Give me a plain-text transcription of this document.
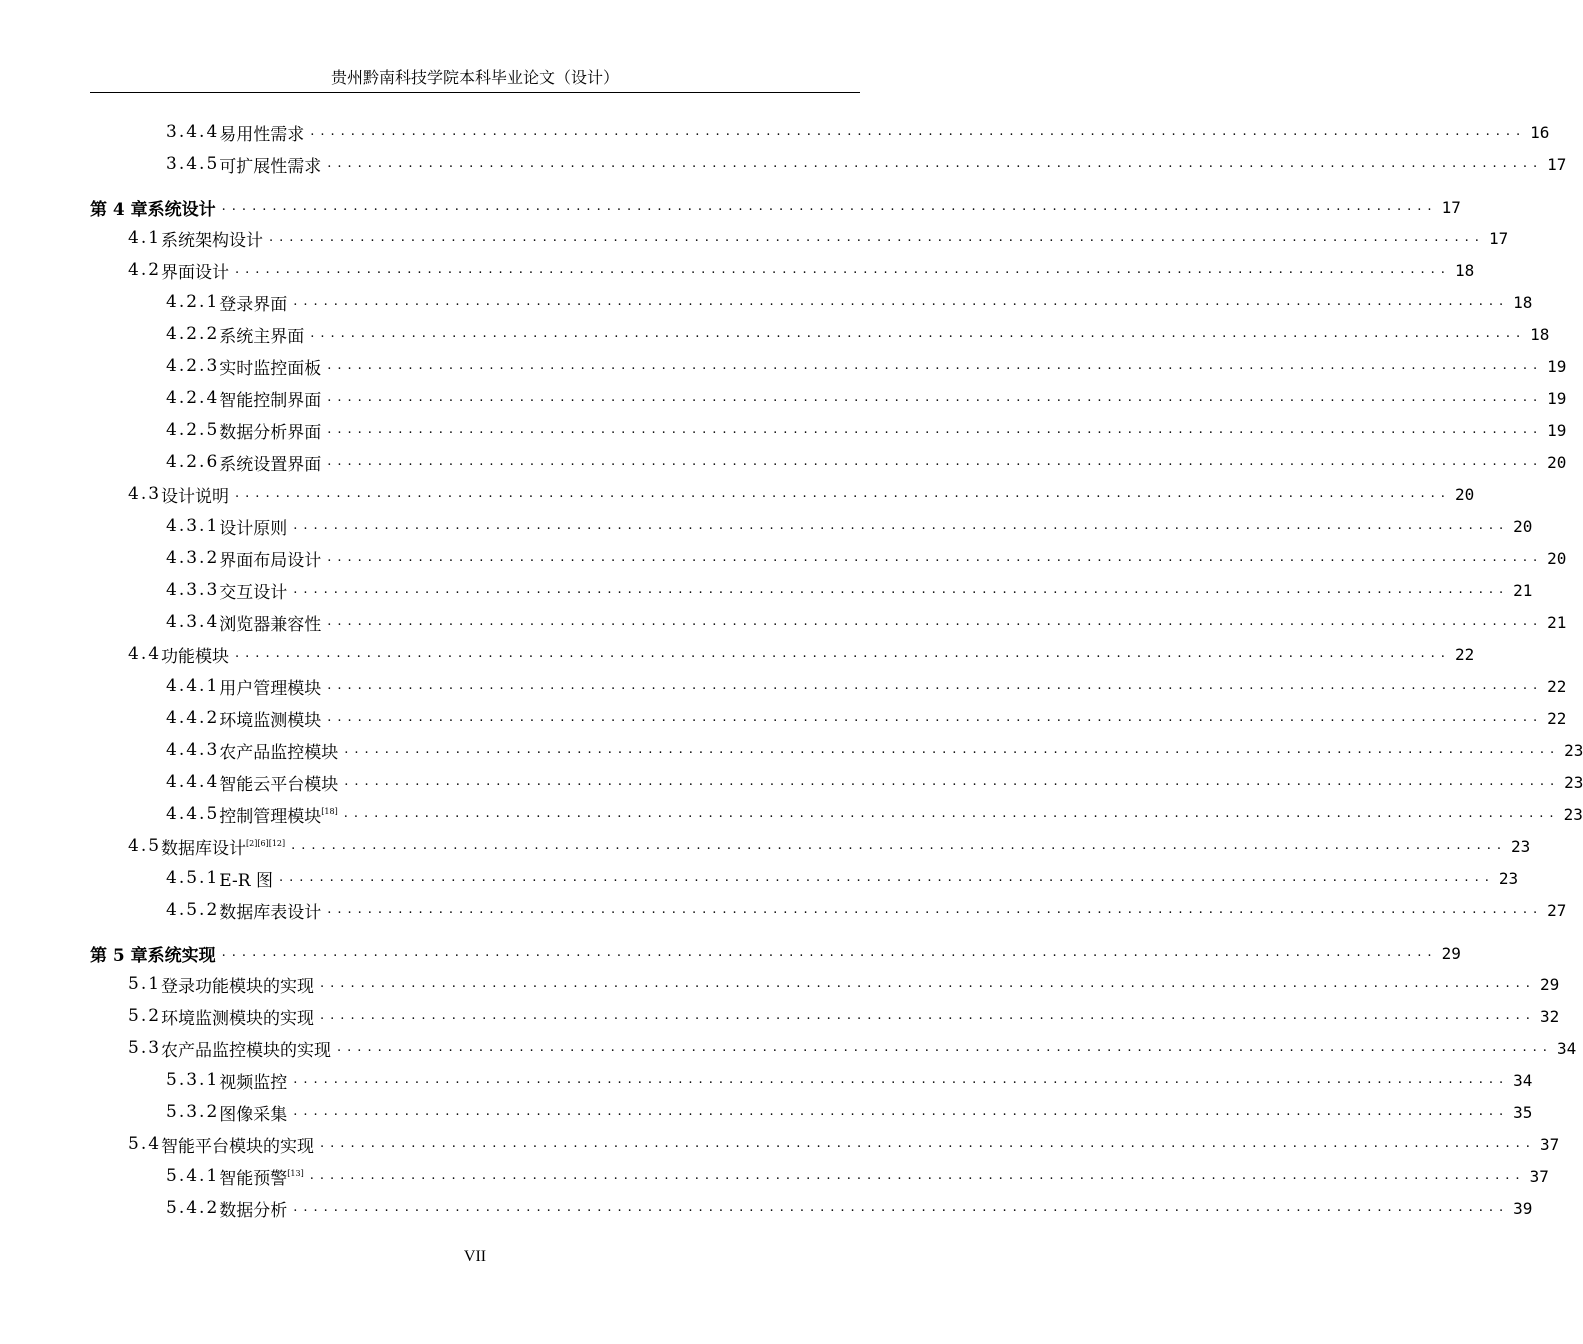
贵州黔南科技学院本科毕业论文（设计）
3.4.4 易用性需求 ........................................................................................................................ 16
3.4.5 可扩展性需求 ........................................................................................................................ 17
第 4 章 系统设计 ........................................................................................................................ 17
4.1 系统架构设计 ........................................................................................................................ 17
4.2 界面设计 ........................................................................................................................ 18
4.2.1 登录界面 ........................................................................................................................ 18
4.2.2 系统主界面 ........................................................................................................................ 18
4.2.3 实时监控面板 ........................................................................................................................ 19
4.2.4 智能控制界面 ........................................................................................................................ 19
4.2.5 数据分析界面 ........................................................................................................................ 19
4.2.6 系统设置界面 ........................................................................................................................ 20
4.3 设计说明 ........................................................................................................................ 20
4.3.1 设计原则 ........................................................................................................................ 20
4.3.2 界面布局设计 ........................................................................................................................ 20
4.3.3 交互设计 ........................................................................................................................ 21
4.3.4 浏览器兼容性 ........................................................................................................................ 21
4.4 功能模块 ........................................................................................................................ 22
4.4.1 用户管理模块 ........................................................................................................................ 22
4.4.2 环境监测模块 ........................................................................................................................ 22
4.4.3 农产品监控模块 ........................................................................................................................ 23
4.4.4 智能云平台模块 ........................................................................................................................ 23
4.4.5 控制管理模块[18] ........................................................................................................................ 23
4.5 数据库设计[2][6][12] ........................................................................................................................ 23
4.5.1 E-R 图 ........................................................................................................................ 23
4.5.2 数据库表设计 ........................................................................................................................ 27
第 5 章 系统实现 ........................................................................................................................ 29
5.1 登录功能模块的实现 ........................................................................................................................ 29
5.2 环境监测模块的实现 ........................................................................................................................ 32
5.3 农产品监控模块的实现 ........................................................................................................................ 34
5.3.1 视频监控 ........................................................................................................................ 34
5.3.2 图像采集 ........................................................................................................................ 35
5.4 智能平台模块的实现 ........................................................................................................................ 37
5.4.1 智能预警[13] ........................................................................................................................ 37
5.4.2 数据分析 ........................................................................................................................ 39
VII
